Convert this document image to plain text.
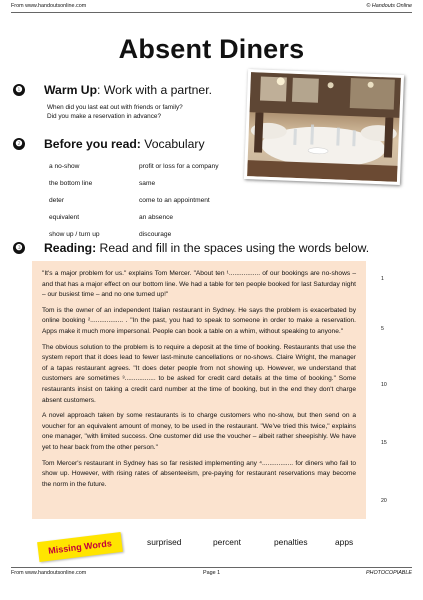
From www.handoutsonline.com	© Handouts Online
Absent Diners
❶ Warm Up: Work with a partner.
When did you last eat out with friends or family?
Did you make a reservation in advance?
❷ Before you read: Vocabulary
a no-show	profit or loss for a company
the bottom line	same
deter	come to an appointment
equivalent	an absence
show up / turn up	discourage
❸ Reading: Read and fill in the spaces using the words below.

"It's a major problem for us." explains Tom Mercer. "About ten ¹................. of our bookings are no-shows – and that has a major effect on our bottom line. We had a table for ten people booked for last Saturday night – our busiest time – and no one turned up!"

Tom is the owner of an independent Italian restaurant in Sydney. He says the problem is exacerbated by online booking ².................. . "In the past, you had to speak to someone in order to make a reservation. Apps make it much more impersonal. People can book a table on a whim, without speaking to anyone."

The obvious solution to the problem is to require a deposit at the time of booking. Restaurants that use the system report that it does lead to fewer last-minute cancellations or no-shows. Claire Wright, the manager of a tapas restaurant agrees. "It does deter people from not showing up. However, we understand that customers are sometimes ³................. to be asked for credit card details at the time of booking." Some restaurants insist on taking a credit card number at the time of booking, but in the end they don't charge absent customers.

A novel approach taken by some restaurants is to charge customers who no-show, but then send on a voucher for an equivalent amount of money, to be used in the restaurant. "We've tried this twice," explains one manager, "with limited success. One customer did use the voucher – albeit rather sheepishly. We have yet to hear back from the other person."

Tom Mercer's restaurant in Sydney has so far resisted implementing any ⁴................. for diners who fail to show up. However, with rising rates of absenteeism, pre-paying for restaurant reservations may become the norm in the future.

1
5
10
15
20
Missing Words	surprised	percent	penalties	apps
From www.handoutsonline.com	Page 1	PHOTOCOPIABLE
